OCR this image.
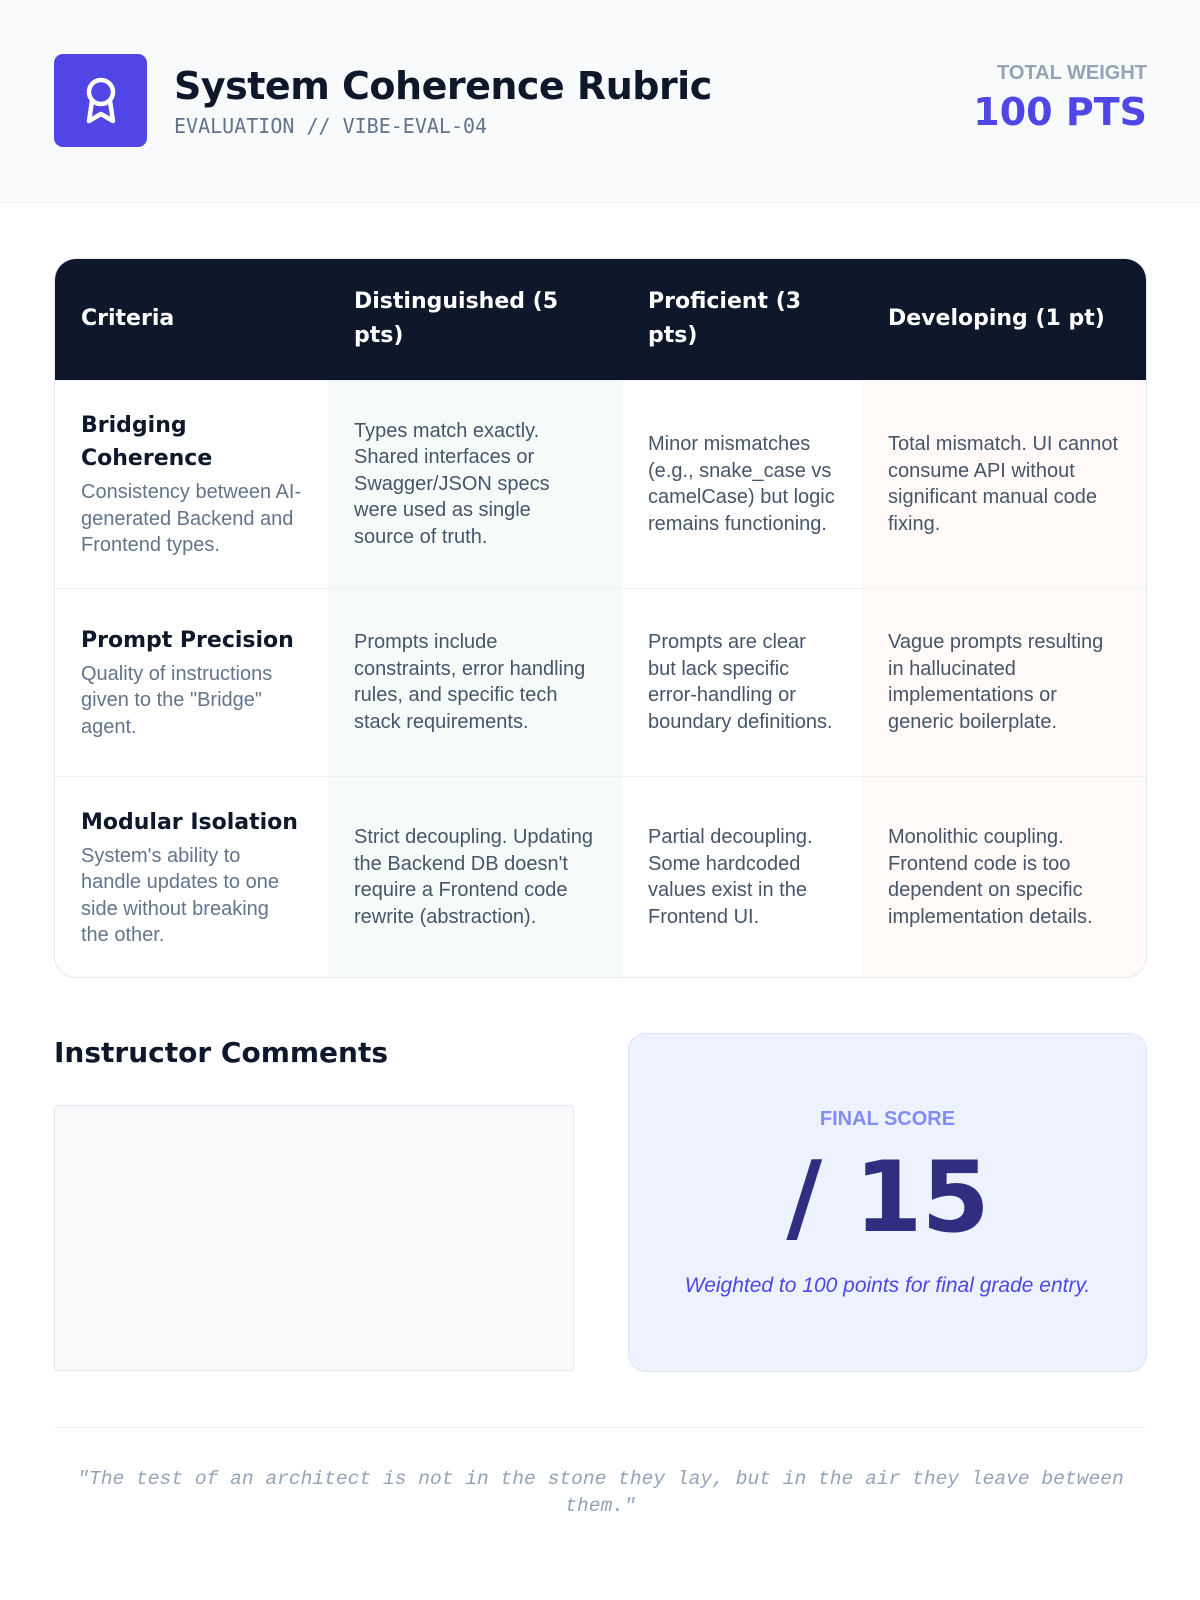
System Coherence Rubric
EVALUATION // VIBE-EVAL-04
TOTAL WEIGHT
100 PTS
Criteria	Distinguished (5 pts)	Proficient (3 pts)	Developing (1 pt)

Bridging Coherence
Consistency between AI-generated Backend and Frontend types.	Types match exactly. Shared interfaces or Swagger/JSON specs were used as single source of truth.	Minor mismatches (e.g., snake_case vs camelCase) but logic remains functioning.	Total mismatch. UI cannot consume API without significant manual code fixing.

Prompt Precision
Quality of instructions given to the "Bridge" agent.	Prompts include constraints, error handling rules, and specific tech stack requirements.	Prompts are clear but lack specific error-handling or boundary definitions.	Vague prompts resulting in hallucinated implementations or generic boilerplate.

Modular Isolation
System's ability to handle updates to one side without breaking the other.	Strict decoupling. Updating the Backend DB doesn't require a Frontend code rewrite (abstraction).	Partial decoupling. Some hardcoded values exist in the Frontend UI.	Monolithic coupling. Frontend code is too dependent on specific implementation details.
Instructor Comments
FINAL SCORE
/ 15
Weighted to 100 points for final grade entry.
"The test of an architect is not in the stone they lay, but in the air they leave between them."
